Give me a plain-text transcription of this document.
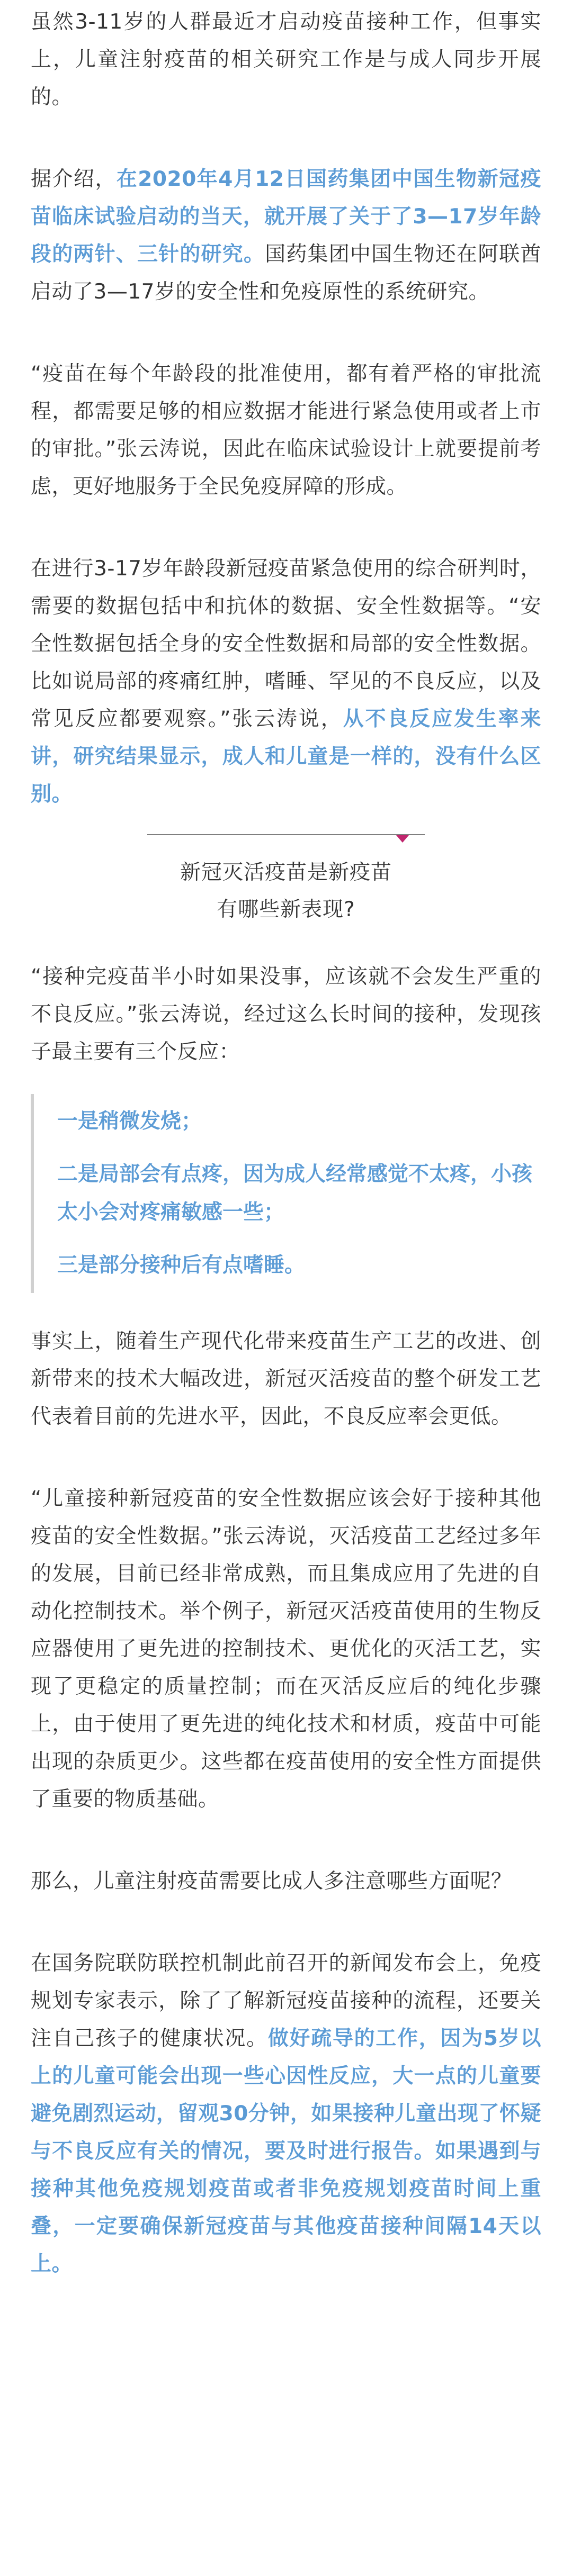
虽然3-11岁的人群最近才启动疫苗接种工作，但事实上，儿童注射疫苗的相关研究工作是与成人同步开展的。

据介绍，在2020年4月12日国药集团中国生物新冠疫苗临床试验启动的当天，就开展了关于了3—17岁年龄段的两针、三针的研究。国药集团中国生物还在阿联酋启动了3—17岁的安全性和免疫原性的系统研究。

“疫苗在每个年龄段的批准使用，都有着严格的审批流程，都需要足够的相应数据才能进行紧急使用或者上市的审批。”张云涛说，因此在临床试验设计上就要提前考虑，更好地服务于全民免疫屏障的形成。

在进行3-17岁年龄段新冠疫苗紧急使用的综合研判时，需要的数据包括中和抗体的数据、安全性数据等。“安全性数据包括全身的安全性数据和局部的安全性数据。比如说局部的疼痛红肿，嗜睡、罕见的不良反应，以及常见反应都要观察。”张云涛说，从不良反应发生率来讲，研究结果显示，成人和儿童是一样的，没有什么区别。

新冠灭活疫苗是新疫苗
有哪些新表现?

“接种完疫苗半小时如果没事，应该就不会发生严重的不良反应。”张云涛说，经过这么长时间的接种，发现孩子最主要有三个反应：

一是稍微发烧；

二是局部会有点疼，因为成人经常感觉不太疼，小孩太小会对疼痛敏感一些；

三是部分接种后有点嗜睡。

事实上，随着生产现代化带来疫苗生产工艺的改进、创新带来的技术大幅改进，新冠灭活疫苗的整个研发工艺代表着目前的先进水平，因此，不良反应率会更低。

“儿童接种新冠疫苗的安全性数据应该会好于接种其他疫苗的安全性数据。”张云涛说，灭活疫苗工艺经过多年的发展，目前已经非常成熟，而且集成应用了先进的自动化控制技术。举个例子，新冠灭活疫苗使用的生物反应器使用了更先进的控制技术、更优化的灭活工艺，实现了更稳定的质量控制；而在灭活反应后的纯化步骤上，由于使用了更先进的纯化技术和材质，疫苗中可能出现的杂质更少。这些都在疫苗使用的安全性方面提供了重要的物质基础。

那么，儿童注射疫苗需要比成人多注意哪些方面呢？

在国务院联防联控机制此前召开的新闻发布会上，免疫规划专家表示，除了了解新冠疫苗接种的流程，还要关注自己孩子的健康状况。做好疏导的工作，因为5岁以上的儿童可能会出现一些心因性反应，大一点的儿童要避免剧烈运动，留观30分钟，如果接种儿童出现了怀疑与不良反应有关的情况，要及时进行报告。如果遇到与接种其他免疫规划疫苗或者非免疫规划疫苗时间上重叠，一定要确保新冠疫苗与其他疫苗接种间隔14天以上。
